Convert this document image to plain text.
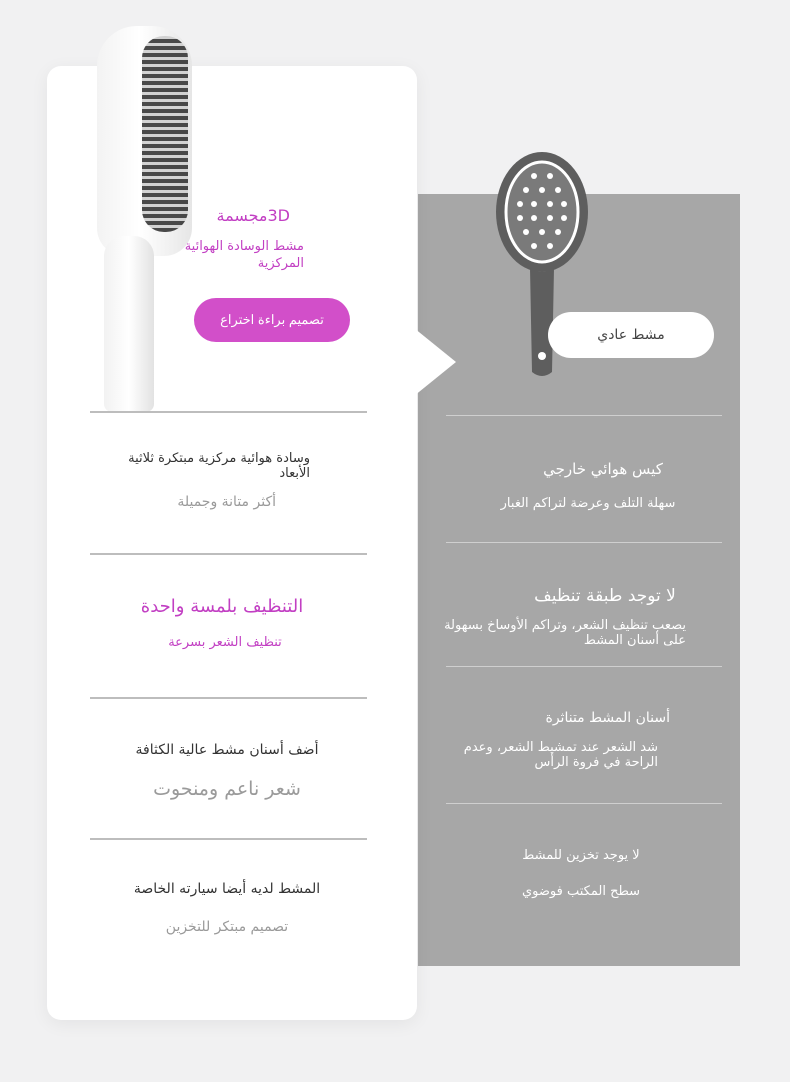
3Dمجسمة
مشط الوسادة الهوائية المركزية
تصميم براءة اختراع
مشط عادي
وسادة هوائية مركزية مبتكرة ثلاثية الأبعاد
أكثر متانة وجميلة
التنظيف بلمسة واحدة
تنظيف الشعر بسرعة
أضف أسنان مشط عالية الكثافة
شعر ناعم ومنحوت
المشط لديه أيضا سيارته الخاصة
تصميم مبتكر للتخزين
كيس هوائي خارجي
سهلة التلف وعرضة لتراكم الغبار
لا توجد طبقة تنظيف
يصعب تنظيف الشعر، وتراكم الأوساخ بسهولة على أسنان المشط
أسنان المشط متناثرة
شد الشعر عند تمشيط الشعر، وعدم الراحة في فروة الرأس
لا يوجد تخزين للمشط
سطح المكتب فوضوي
